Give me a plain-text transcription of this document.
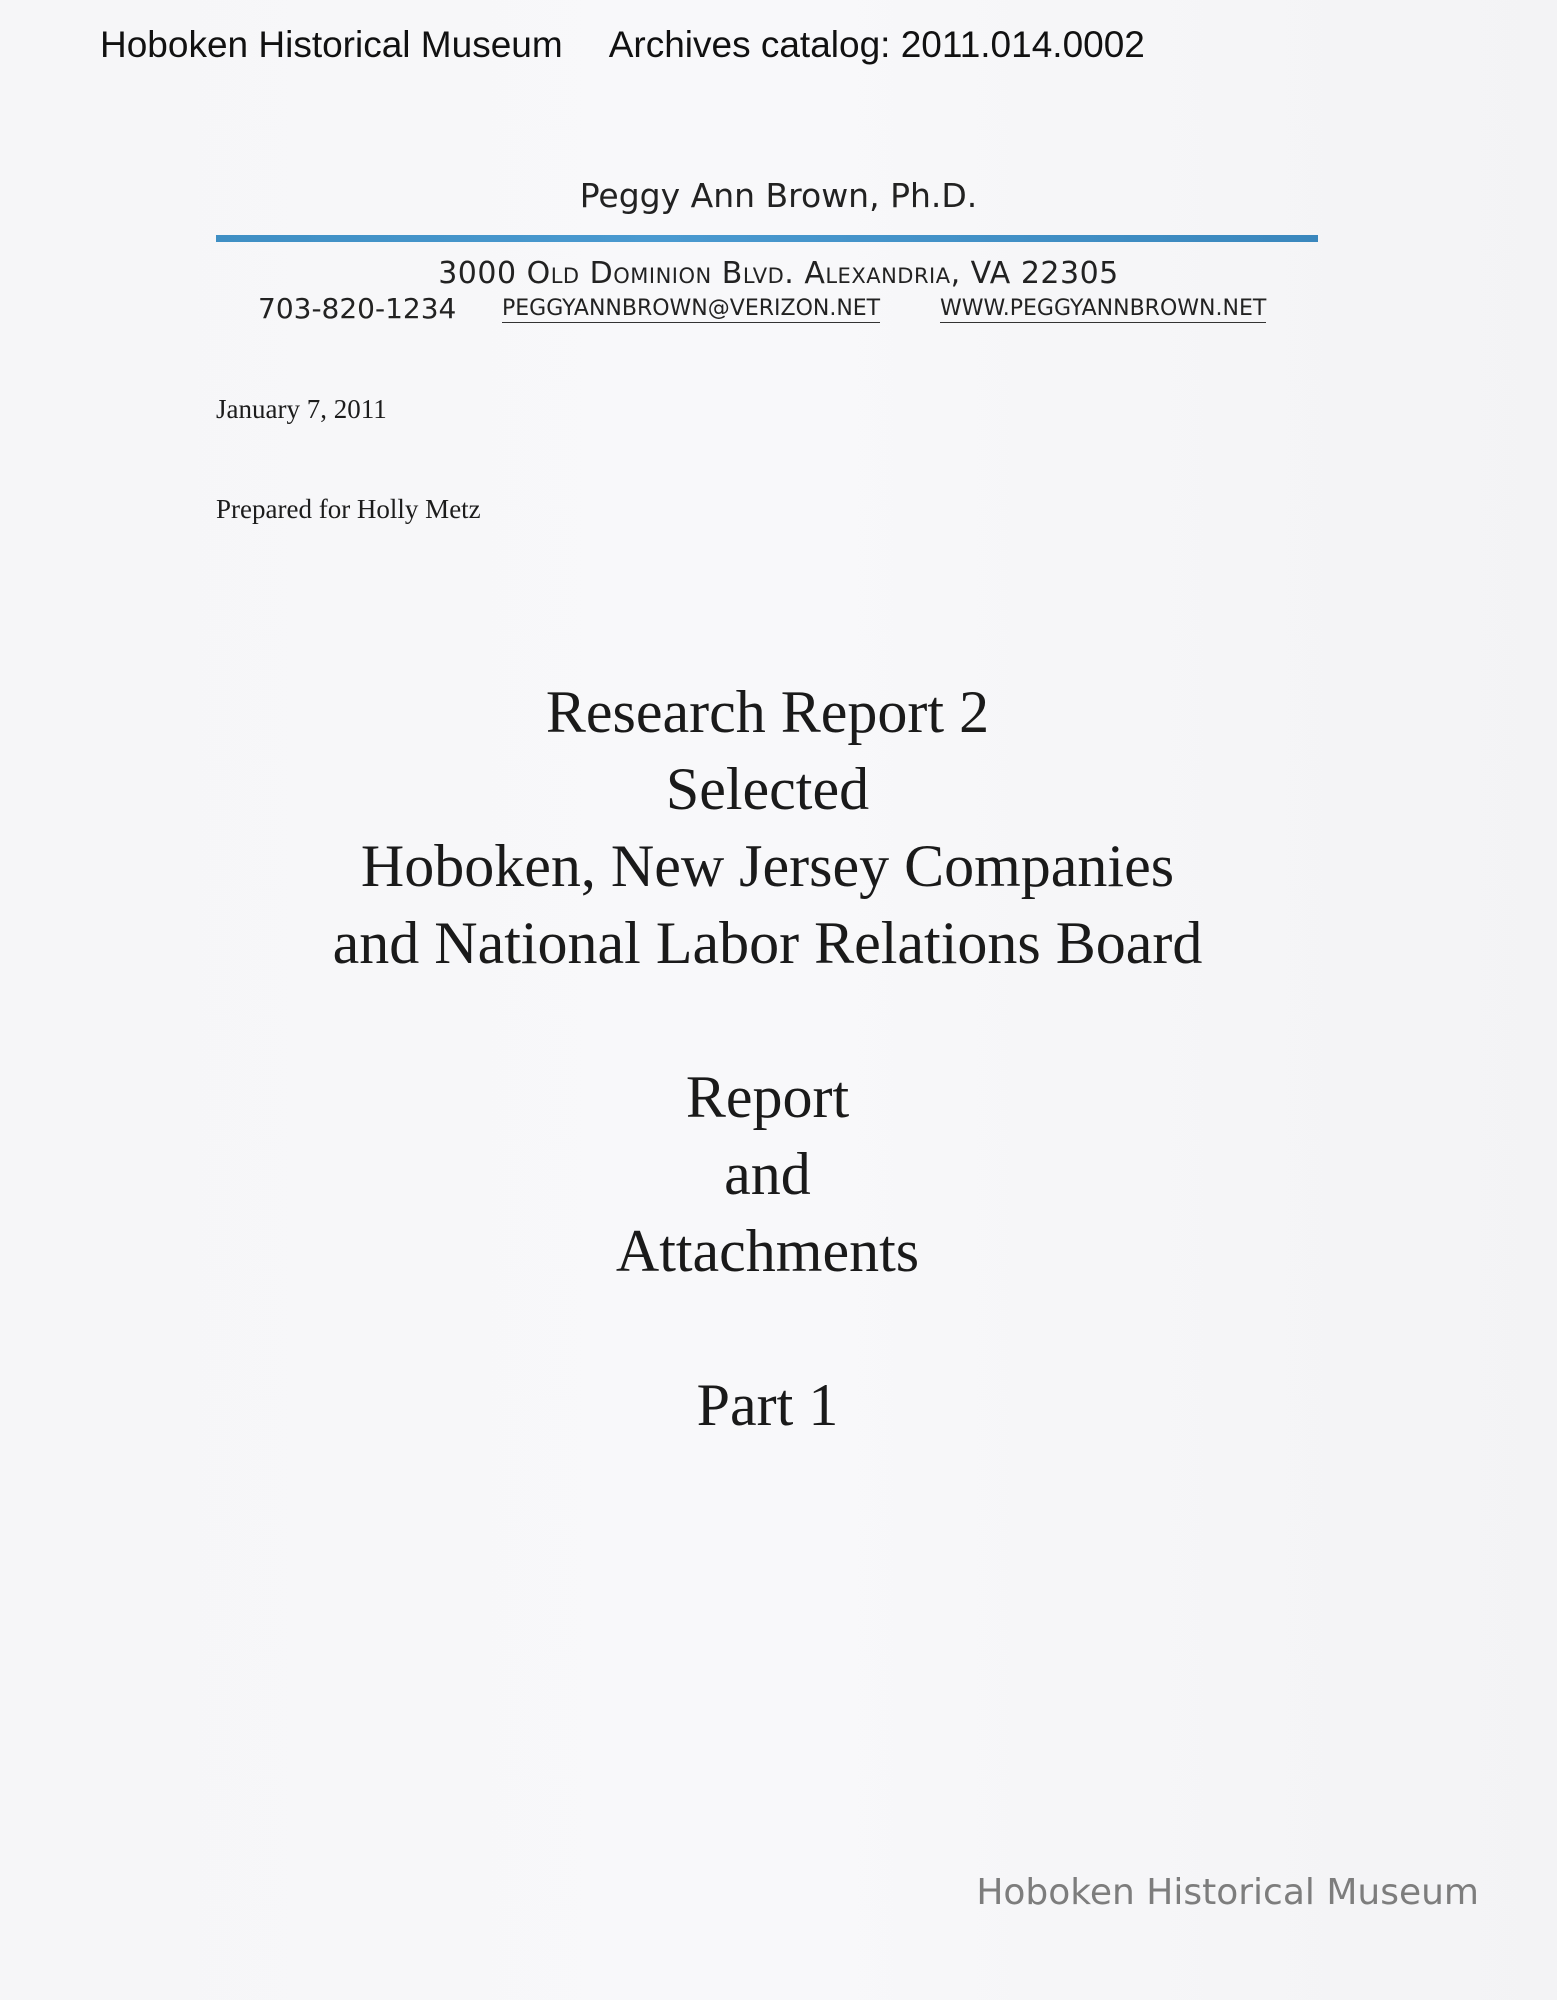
Hoboken Historical Museum Archives catalog: 2011.014.0002
Peggy Ann Brown, Ph.D.
3000 Old Dominion Blvd. Alexandria, VA 22305
703-820-1234 PEGGYANNBROWN@VERIZON.NET	WWW.PEGGYANNBROWN.NET
January 7, 2011
Prepared for Holly Metz
Research Report 2
Selected
Hoboken, New Jersey Companies
and National Labor Relations Board
Report
and
Attachments
Part 1
Hoboken Historical Museum
